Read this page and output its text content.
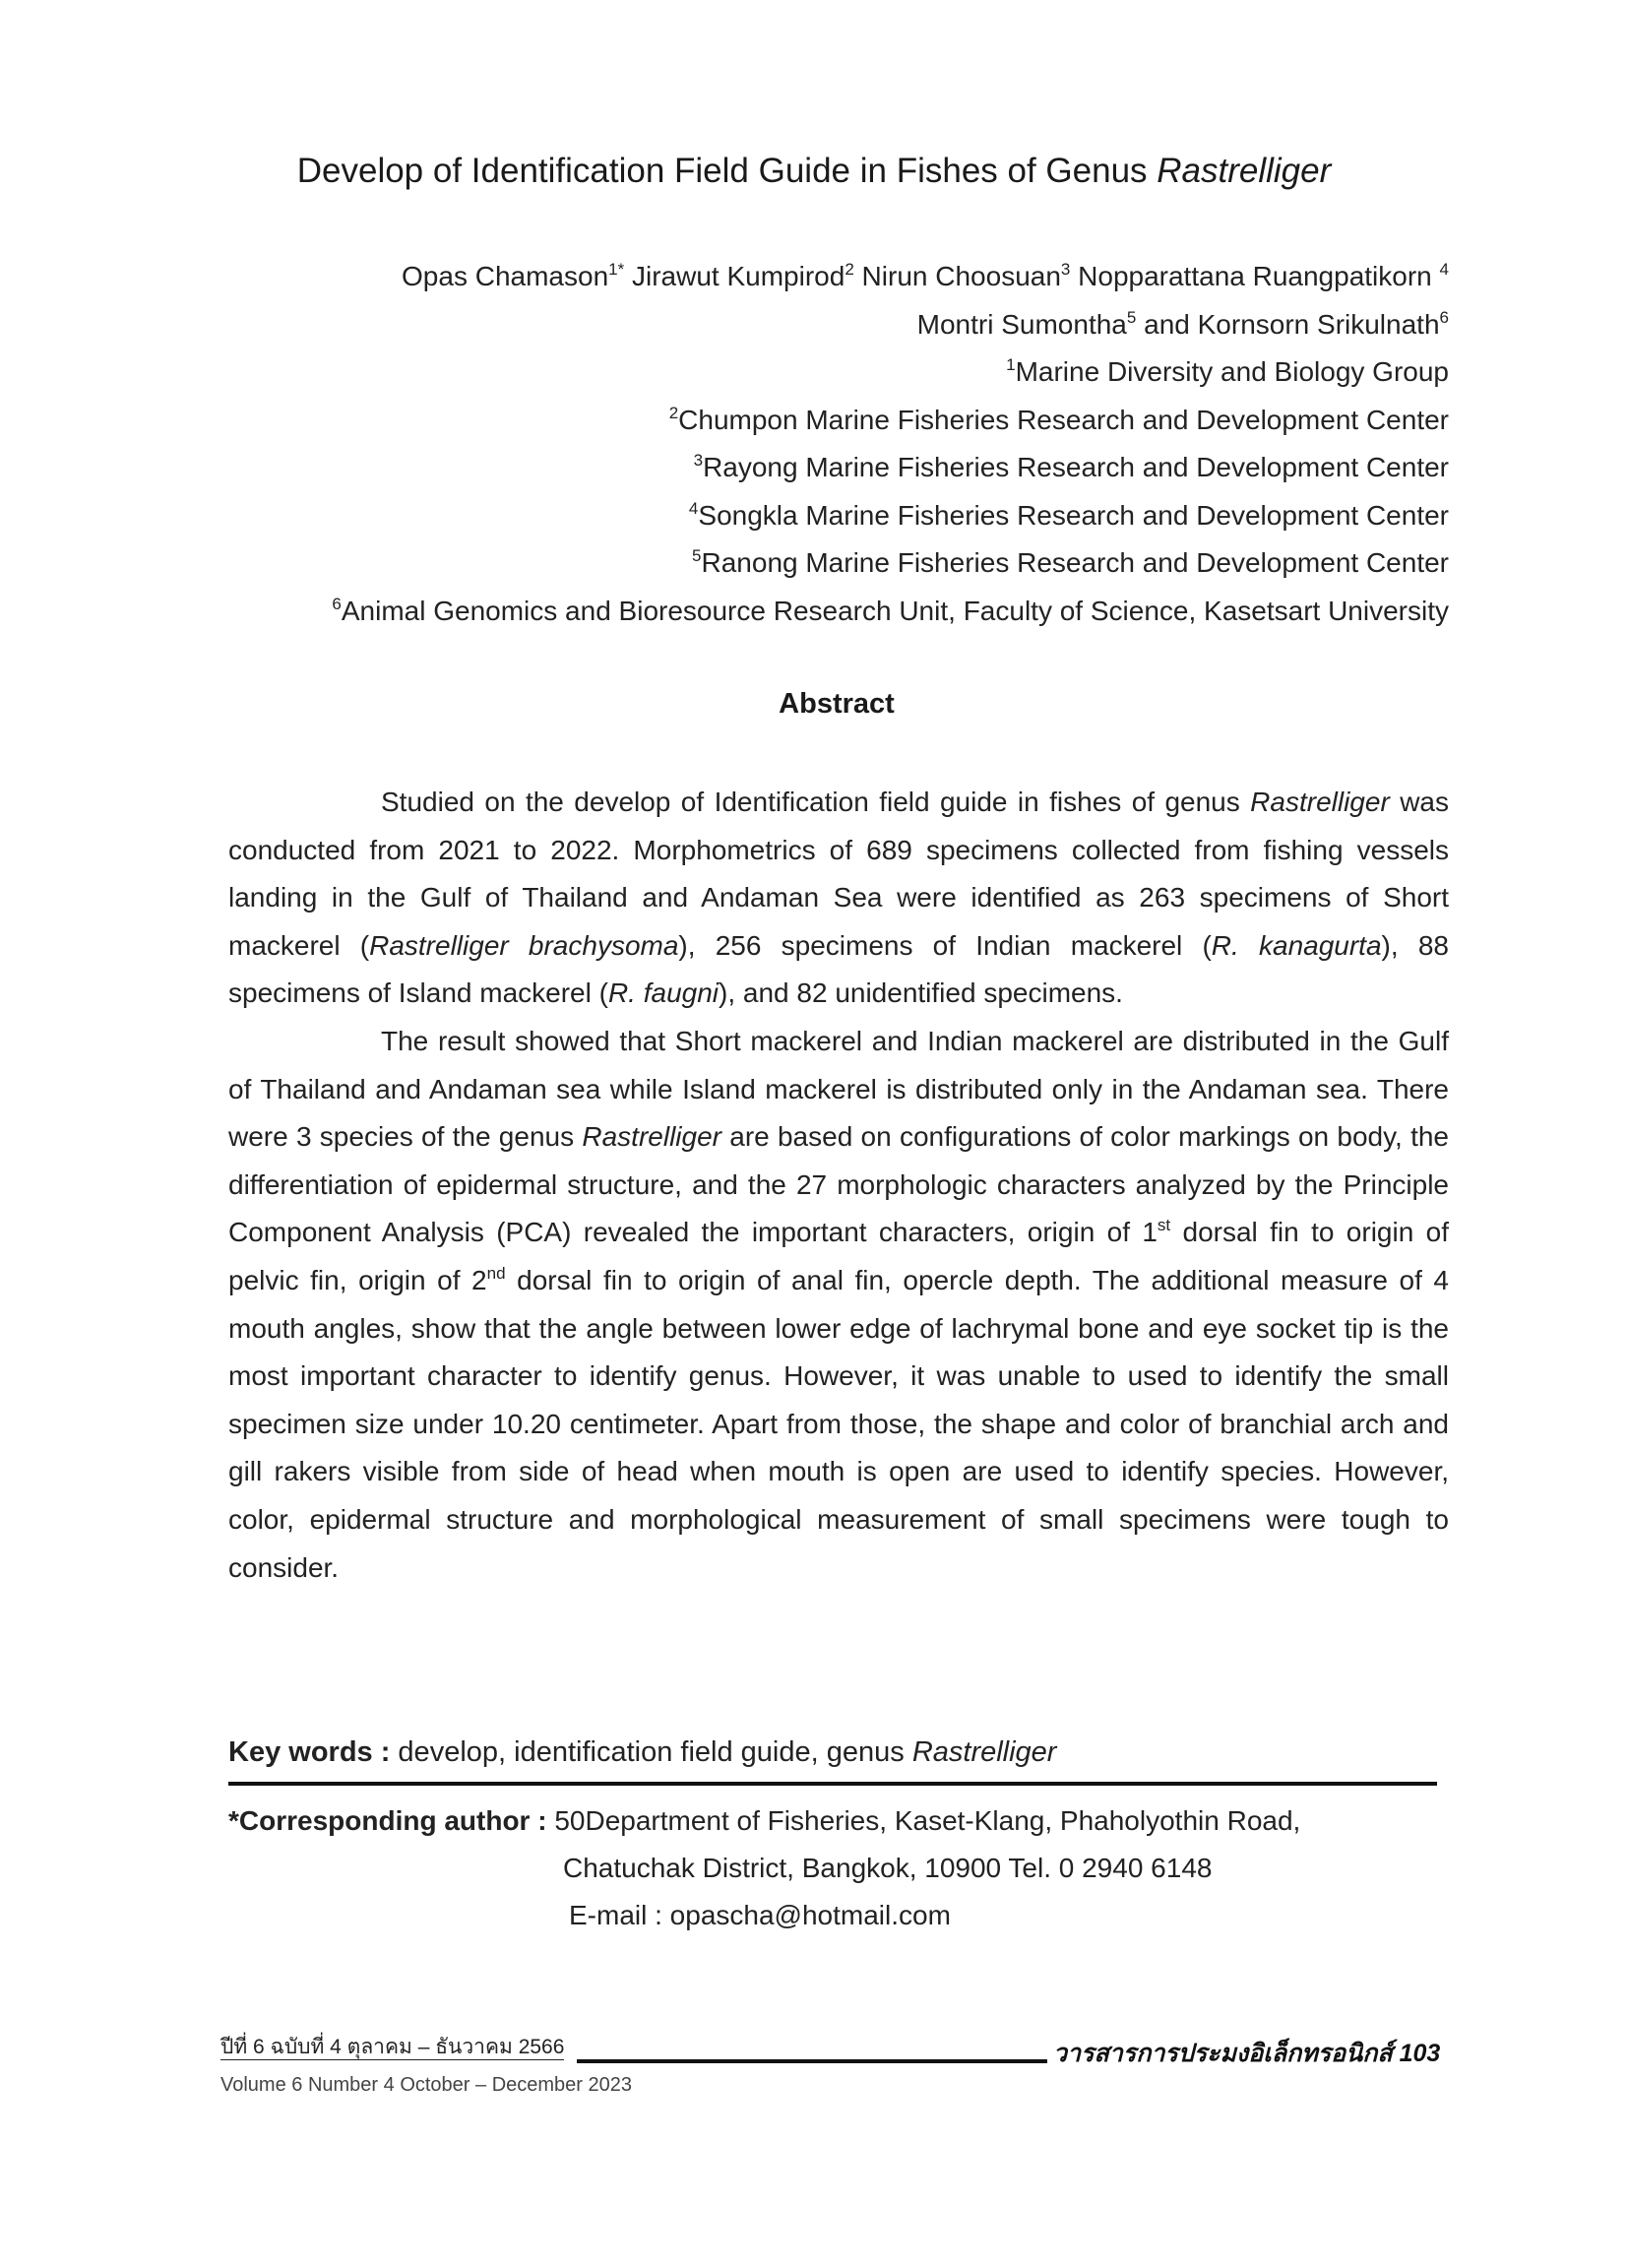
Develop of Identification Field Guide in Fishes of Genus Rastrelliger
Opas Chamason$^{1*}$ Jirawut Kumpirod$^2$ Nirun Choosuan$^3$ Nopparattana Ruangpatikorn $^4$
Montri Sumontha$^5$ and Kornsorn Srikulnath$^6$
$^1$Marine Diversity and Biology Group
$^2$Chumpon Marine Fisheries Research and Development Center
$^3$Rayong Marine Fisheries Research and Development Center
$^4$Songkla Marine Fisheries Research and Development Center
$^5$Ranong Marine Fisheries Research and Development Center
$^6$Animal Genomics and Bioresource Research Unit, Faculty of Science, Kasetsart University
Abstract

Studied on the develop of Identification field guide in fishes of genus Rastrelliger was conducted from 2021 to 2022. Morphometrics of 689 specimens collected from fishing vessels landing in the Gulf of Thailand and Andaman Sea were identified as 263 specimens of Short mackerel (Rastrelliger brachysoma), 256 specimens of Indian mackerel (R. kanagurta), 88 specimens of Island mackerel (R. faugni), and 82 unidentified specimens.

The result showed that Short mackerel and Indian mackerel are distributed in the Gulf of Thailand and Andaman sea while Island mackerel is distributed only in the Andaman sea. There were 3 species of the genus Rastrelliger are based on configurations of color markings on body, the differentiation of epidermal structure, and the 27 morphologic characters analyzed by the Principle Component Analysis (PCA) revealed the important characters, origin of 1st dorsal fin to origin of pelvic fin, origin of 2nd dorsal fin to origin of anal fin, opercle depth. The additional measure of 4 mouth angles, show that the angle between lower edge of lachrymal bone and eye socket tip is the most important character to identify genus. However, it was unable to used to identify the small specimen size under 10.20 centimeter. Apart from those, the shape and color of branchial arch and gill rakers visible from side of head when mouth is open are used to identify species. However, color, epidermal structure and morphological measurement of small specimens were tough to consider.

Key words : develop, identification field guide, genus Rastrelliger
*Corresponding author : 50Department of Fisheries, Kaset-Klang, Phaholyothin Road,
Chatuchak District, Bangkok, 10900 Tel. 0 2940 6148
E-mail : opascha@hotmail.com
ปีที่ 6 ฉบับที่ 4 ตุลาคม – ธันวาคม 2566	วารสารการประมงอิเล็กทรอนิกส์ 103
Volume 6 Number 4 October – December 2023
